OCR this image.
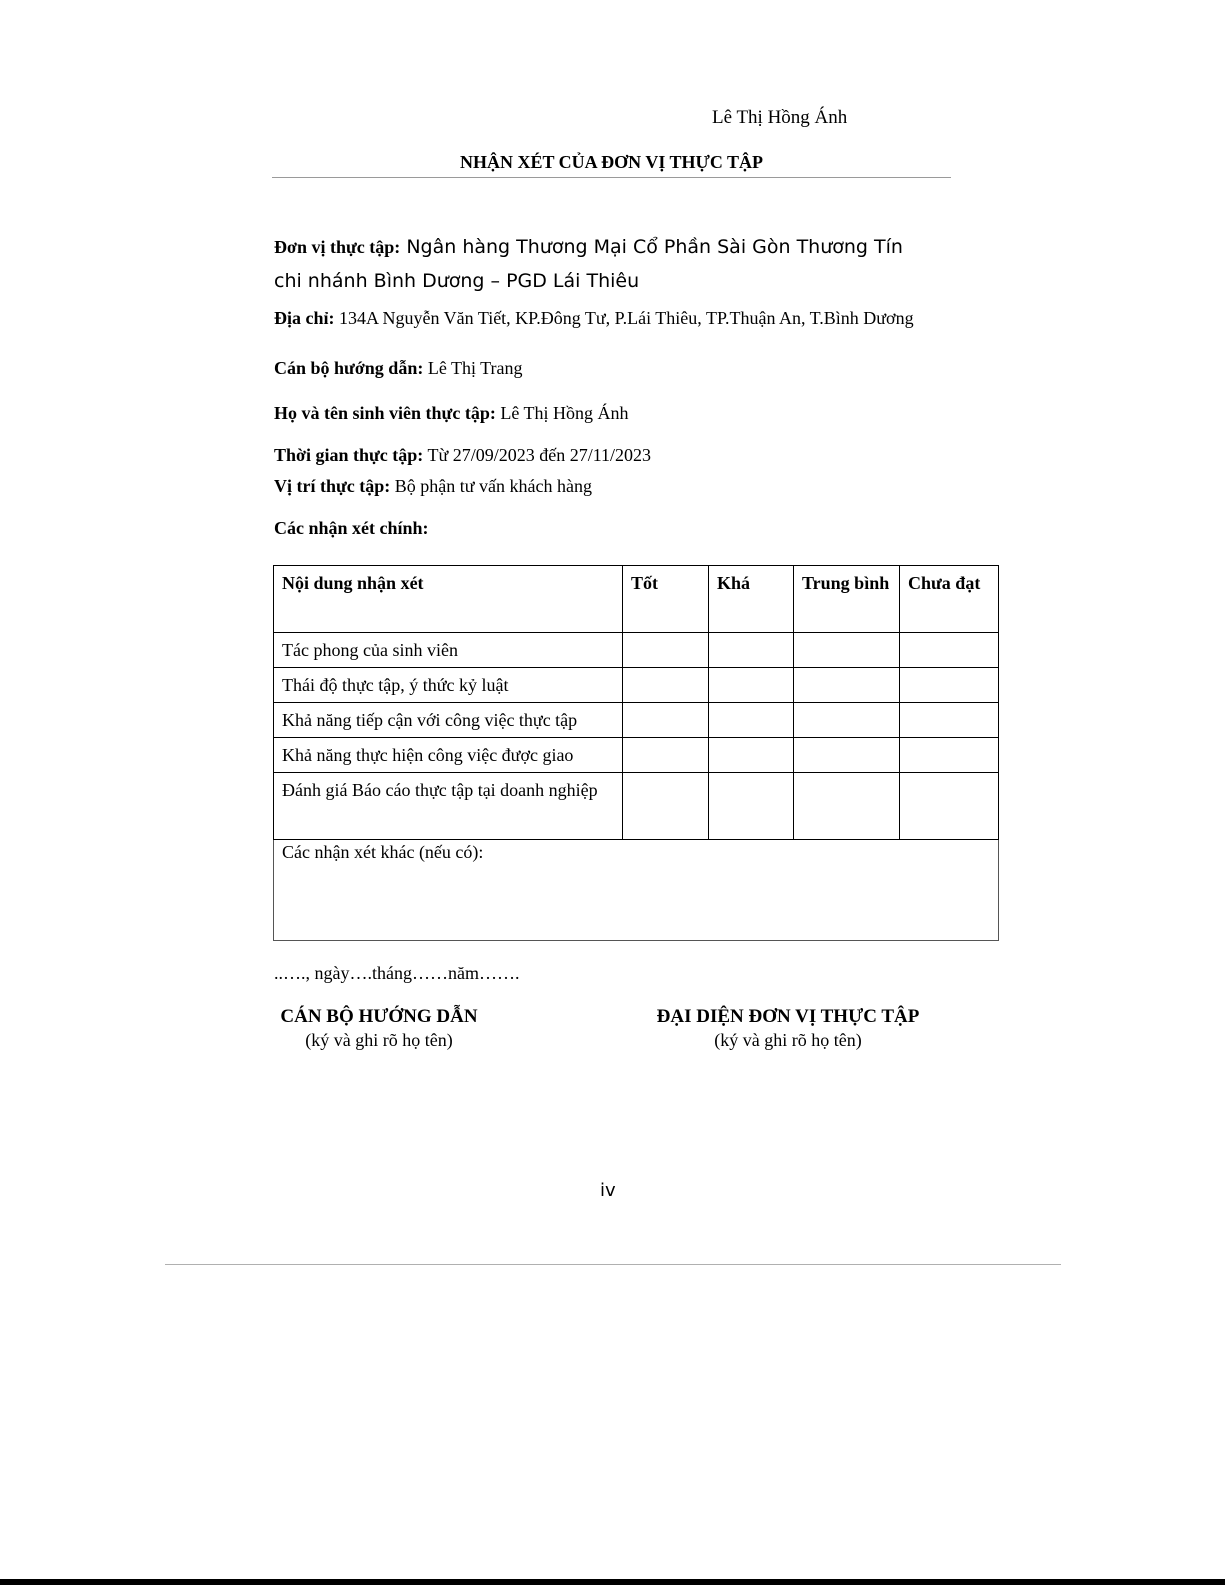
Lê Thị Hồng Ánh
NHẬN XÉT CỦA ĐƠN VỊ THỰC TẬP
Đơn vị thực tập: Ngân hàng Thương Mại Cổ Phần Sài Gòn Thương Tín chi nhánh Bình Dương – PGD Lái Thiêu
Địa chỉ: 134A Nguyễn Văn Tiết, KP.Đông Tư, P.Lái Thiêu, TP.Thuận An, T.Bình Dương
Cán bộ hướng dẫn: Lê Thị Trang
Họ và tên sinh viên thực tập: Lê Thị Hồng Ánh
Thời gian thực tập: Từ 27/09/2023 đến 27/11/2023
Vị trí thực tập: Bộ phận tư vấn khách hàng
Các nhận xét chính:
Nội dung nhận xét	Tốt	Khá	Trung bình	Chưa đạt
Tác phong của sinh viên				
Thái độ thực tập, ý thức kỷ luật				
Khả năng tiếp cận với công việc thực tập				
Khả năng thực hiện công việc được giao				
Đánh giá Báo cáo thực tập tại doanh nghiệp				
Các nhận xét khác (nếu có):				
..…., ngày….tháng……năm…….
CÁN BỘ HƯỚNG DẪN
(ký và ghi rõ họ tên)
ĐẠI DIỆN ĐƠN VỊ THỰC TẬP
(ký và ghi rõ họ tên)
iv
